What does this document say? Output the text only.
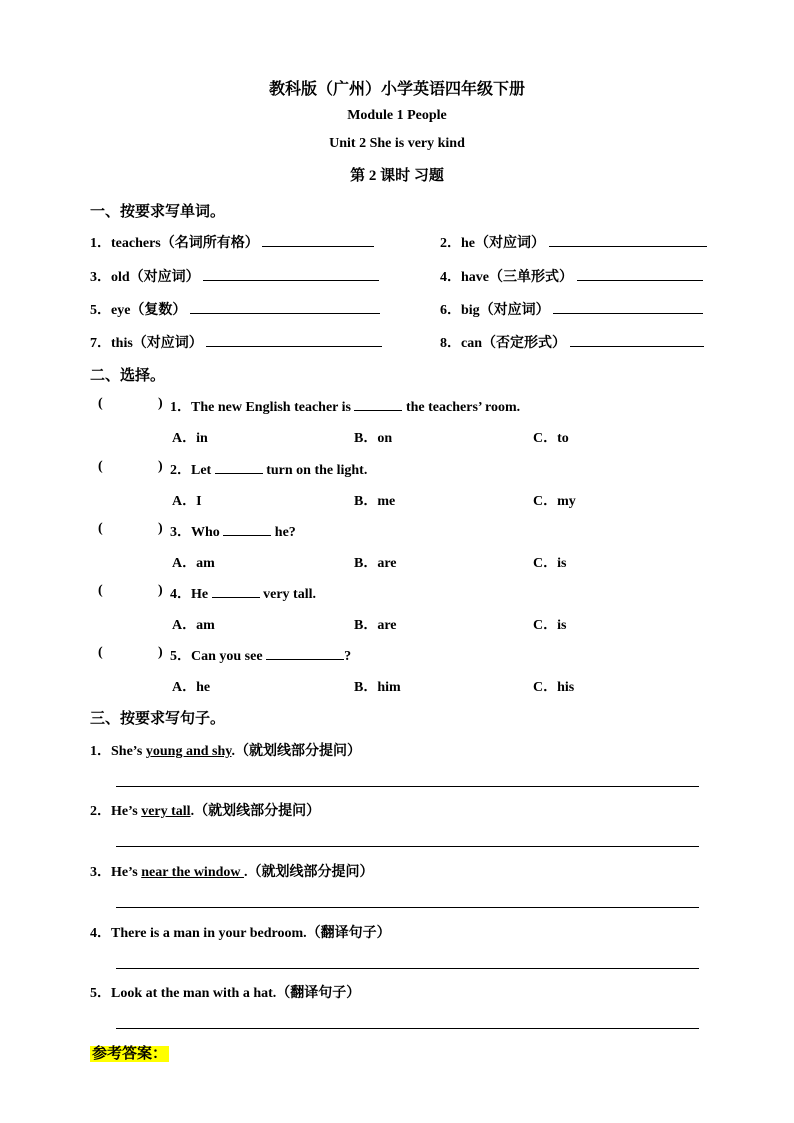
教科版（广州）小学英语四年级下册
Module 1 People
Unit 2 She is very kind
第 2 课时 习题
一、按要求写单词。
1．teachers（名词所有格）	2．he（对应词）
3．old（对应词）	4．have（三单形式）
5．eye（复数）	6．big（对应词）
7．this（对应词）	8．can（否定形式）
二、选择。
(	) 1．The new English teacher is	the teachers’ room.
A．in	B．on	C．to
(	) 2．Let	turn on the light.
A．I	B．me	C．my
(	) 3．Who	he?
A．am	B．are	C．is
(	) 4．He	very tall.
A．am	B．are	C．is
(	) 5．Can you see	?
A．he	B．him	C．his
三、按要求写句子。
1．She’s young and shy.（就划线部分提问）
2．He’s very tall.（就划线部分提问）
3．He’s near the window .（就划线部分提问）
4．There is a man in your bedroom.（翻译句子）
5．Look at the man with a hat.（翻译句子）
参考答案：
